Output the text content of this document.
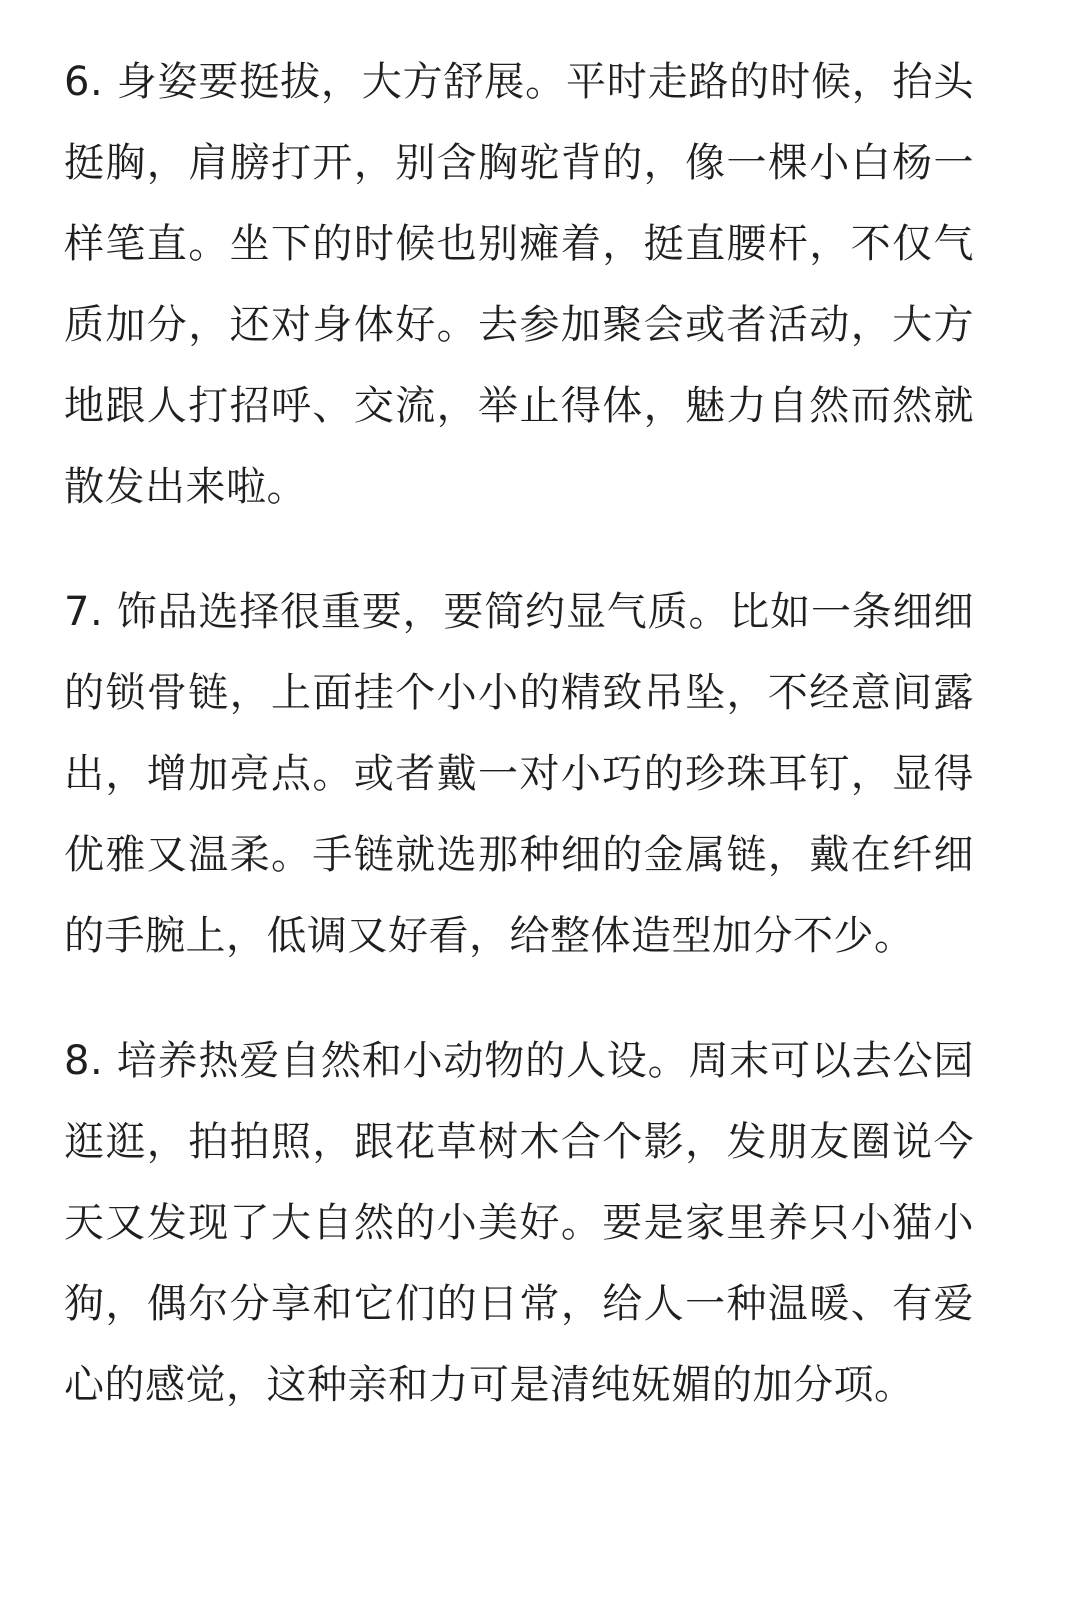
6. 身姿要挺拔，大方舒展。平时走路的时候，抬头挺胸，肩膀打开，别含胸驼背的，像一棵小白杨一样笔直。坐下的时候也别瘫着，挺直腰杆，不仅气质加分，还对身体好。去参加聚会或者活动，大方地跟人打招呼、交流，举止得体，魅力自然而然就散发出来啦。

7. 饰品选择很重要，要简约显气质。比如一条细细的锁骨链，上面挂个小小的精致吊坠，不经意间露出，增加亮点。或者戴一对小巧的珍珠耳钉，显得优雅又温柔。手链就选那种细的金属链，戴在纤细的手腕上，低调又好看，给整体造型加分不少。

8. 培养热爱自然和小动物的人设。周末可以去公园逛逛，拍拍照，跟花草树木合个影，发朋友圈说今天又发现了大自然的小美好。要是家里养只小猫小狗，偶尔分享和它们的日常，给人一种温暖、有爱心的感觉，这种亲和力可是清纯妩媚的加分项。
